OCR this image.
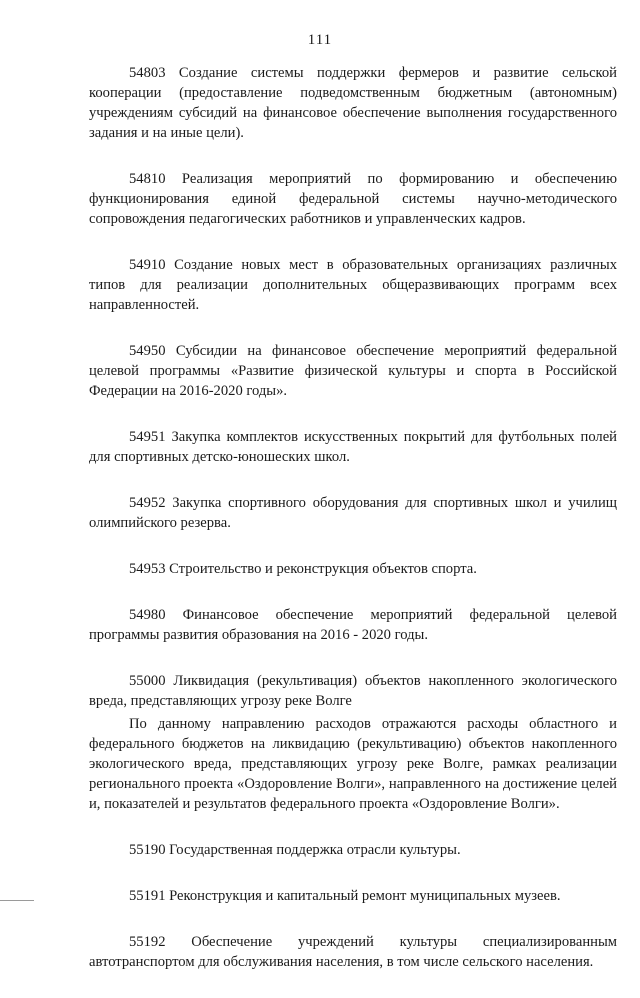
111

54803 Создание системы поддержки фермеров и развитие сельской кооперации (предоставление подведомственным бюджетным (автономным) учреждениям субсидий на финансовое обеспечение выполнения государственного задания и на иные цели).

54810 Реализация мероприятий по формированию и обеспечению функционирования единой федеральной системы научно-методического сопровождения педагогических работников и управленческих кадров.

54910 Создание новых мест в образовательных организациях различных типов для реализации дополнительных общеразвивающих программ всех направленностей.

54950 Субсидии на финансовое обеспечение мероприятий федеральной целевой программы «Развитие физической культуры и спорта в Российской Федерации на 2016-2020 годы».

54951 Закупка комплектов искусственных покрытий для футбольных полей для спортивных детско-юношеских школ.

54952 Закупка спортивного оборудования для спортивных школ и училищ олимпийского резерва.

54953 Строительство и реконструкция объектов спорта.

54980 Финансовое обеспечение мероприятий федеральной целевой программы развития образования на 2016 - 2020 годы.

55000 Ликвидация (рекультивация) объектов накопленного экологического вреда, представляющих угрозу реке Волге

По данному направлению расходов отражаются расходы областного и федерального бюджетов на ликвидацию (рекультивацию) объектов накопленного экологического вреда, представляющих угрозу реке Волге, рамках реализации регионального проекта «Оздоровление Волги», направленного на достижение целей и, показателей и результатов федерального проекта «Оздоровление Волги».

55190 Государственная поддержка отрасли культуры.

55191 Реконструкция и капитальный ремонт муниципальных музеев.

55192 Обеспечение учреждений культуры специализированным автотранспортом для обслуживания населения, в том числе сельского населения.
